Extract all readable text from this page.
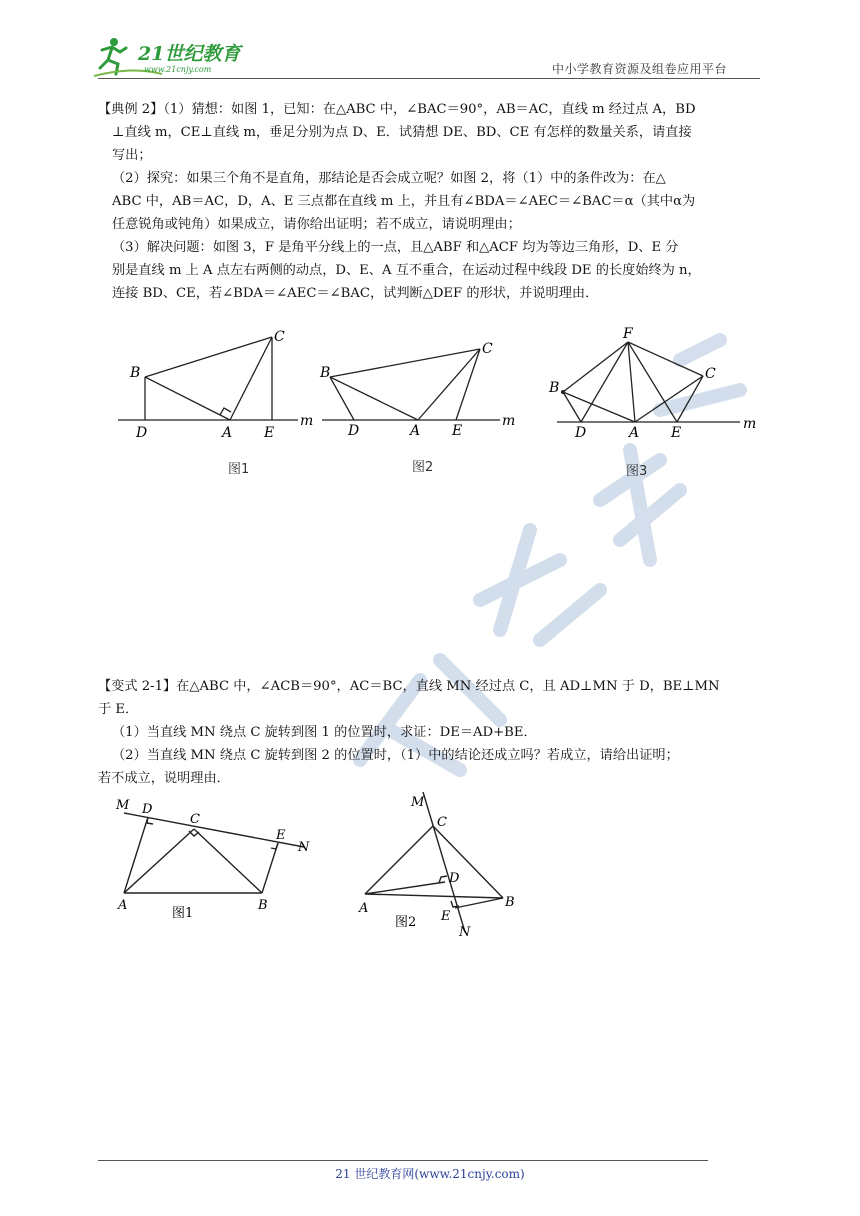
21世纪教育
www.21cnjy.com	中小学教育资源及组卷应用平台

【典例 2】（1）猜想：如图 1，已知：在△ABC 中，∠BAC＝90°，AB＝AC，直线 m 经过点 A，BD

⊥直线 m，CE⊥直线 m，垂足分别为点 D、E．试猜想 DE、BD、CE 有怎样的数量关系，请直接

写出；

（2）探究：如果三个角不是直角，那结论是否会成立呢？如图 2，将（1）中的条件改为：在△

ABC 中，AB＝AC，D，A、E 三点都在直线 m 上，并且有∠BDA＝∠AEC＝∠BAC＝α（其中α为

任意锐角或钝角）如果成立，请你给出证明；若不成立，请说明理由；

（3）解决问题：如图 3，F 是角平分线上的一点，且△ABF 和△ACF 均为等边三角形，D、E 分

别是直线 m 上 A 点左右两侧的动点，D、E、A 互不重合，在运动过程中线段 DE 的长度始终为 n，

连接 BD、CE，若∠BDA＝∠AEC＝∠BAC，试判断△DEF 的形状，并说明理由．

B
C
D	A E
m
图1
B
C
D	A E
m
图2
F
B
C
D	A E
m
图3

【变式 2-1】在△ABC 中，∠ACB＝90°，AC＝BC，直线 MN 经过点 C，且 AD⊥MN 于 D，BE⊥MN

于 E．

（1）当直线 MN 绕点 C 旋转到图 1 的位置时，求证：DE＝AD+BE．

（2）当直线 MN 绕点 C 旋转到图 2 的位置时，（1）中的结论还成立吗？若成立，请给出证明；

若不成立，说明理由．

M D
C
E
N
A	B
图1
M
C
D
A
E
B
N
图2
21 世纪教育网(www.21cnjy.com)
